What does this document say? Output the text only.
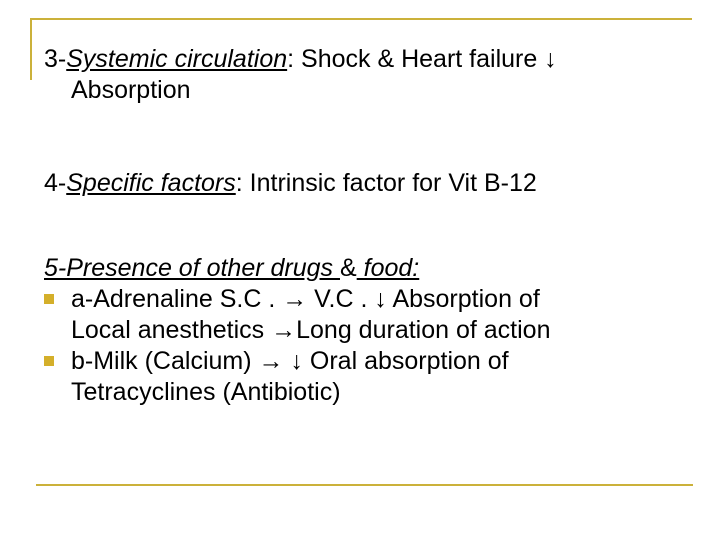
3-Systemic circulation: Shock & Heart failure ↓
Absorption
4-Specific factors: Intrinsic factor for Vit B-12
5-Presence of other drugs & food:
a-Adrenaline S.C . → V.C . ↓ Absorption of
Local anesthetics →Long duration of action
b-Milk (Calcium) → ↓ Oral absorption of
Tetracyclines (Antibiotic)
